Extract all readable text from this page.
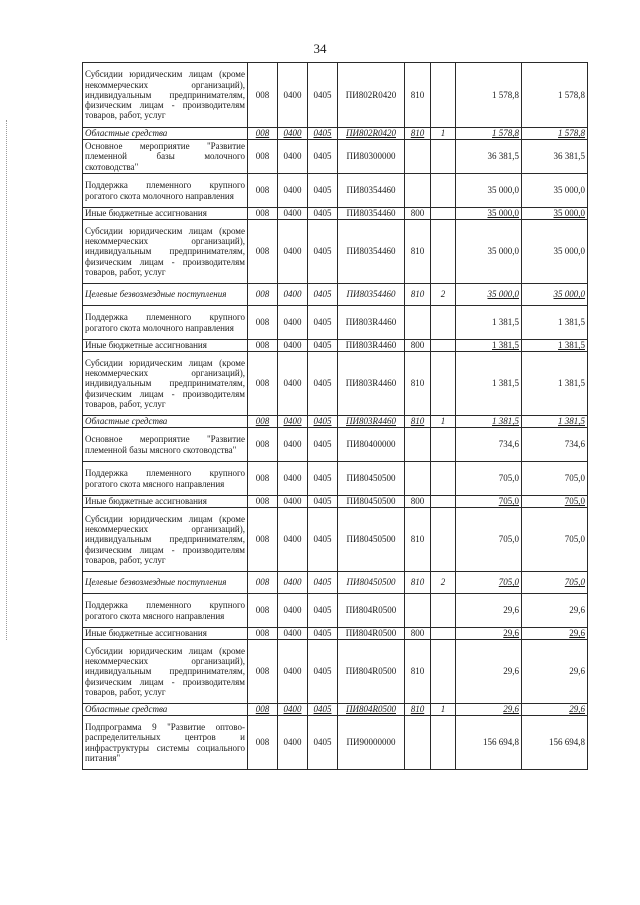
34
Субсидии юридическим лицам (кроме некоммерческих организаций), индивидуальным предпринимателям, физическим лицам - производителям товаров, работ, услуг	008	0400	0405	ПИ802R0420	810		1 578,8	1 578,8
Областные средства	008	0400	0405	ПИ802R0420	810	1	1 578,8	1 578,8
Основное мероприятие "Развитие племенной базы молочного скотоводства"	008	0400	0405	ПИ80300000			36 381,5	36 381,5
Поддержка племенного крупного рогатого скота молочного направления	008	0400	0405	ПИ80354460			35 000,0	35 000,0
Иные бюджетные ассигнования	008	0400	0405	ПИ80354460	800		35 000,0	35 000,0
Субсидии юридическим лицам (кроме некоммерческих организаций), индивидуальным предпринимателям, физическим лицам - производителям товаров, работ, услуг	008	0400	0405	ПИ80354460	810		35 000,0	35 000,0
Целевые безвозмездные поступления	008	0400	0405	ПИ80354460	810	2	35 000,0	35 000,0
Поддержка племенного крупного рогатого скота молочного направления	008	0400	0405	ПИ803R4460			1 381,5	1 381,5
Иные бюджетные ассигнования	008	0400	0405	ПИ803R4460	800		1 381,5	1 381,5
Субсидии юридическим лицам (кроме некоммерческих организаций), индивидуальным предпринимателям, физическим лицам - производителям товаров, работ, услуг	008	0400	0405	ПИ803R4460	810		1 381,5	1 381,5
Областные средства	008	0400	0405	ПИ803R4460	810	1	1 381,5	1 381,5
Основное мероприятие "Развитие племенной базы мясного скотоводства"	008	0400	0405	ПИ80400000			734,6	734,6
Поддержка племенного крупного рогатого скота мясного направления	008	0400	0405	ПИ80450500			705,0	705,0
Иные бюджетные ассигнования	008	0400	0405	ПИ80450500	800		705,0	705,0
Субсидии юридическим лицам (кроме некоммерческих организаций), индивидуальным предпринимателям, физическим лицам - производителям товаров, работ, услуг	008	0400	0405	ПИ80450500	810		705,0	705,0
Целевые безвозмездные поступления	008	0400	0405	ПИ80450500	810	2	705,0	705,0
Поддержка племенного крупного рогатого скота мясного направления	008	0400	0405	ПИ804R0500			29,6	29,6
Иные бюджетные ассигнования	008	0400	0405	ПИ804R0500	800		29,6	29,6
Субсидии юридическим лицам (кроме некоммерческих организаций), индивидуальным предпринимателям, физическим лицам - производителям товаров, работ, услуг	008	0400	0405	ПИ804R0500	810		29,6	29,6
Областные средства	008	0400	0405	ПИ804R0500	810	1	29,6	29,6
Подпрограмма 9 "Развитие оптово-распределительных центров и инфраструктуры системы социального питания"	008	0400	0405	ПИ90000000			156 694,8	156 694,8
